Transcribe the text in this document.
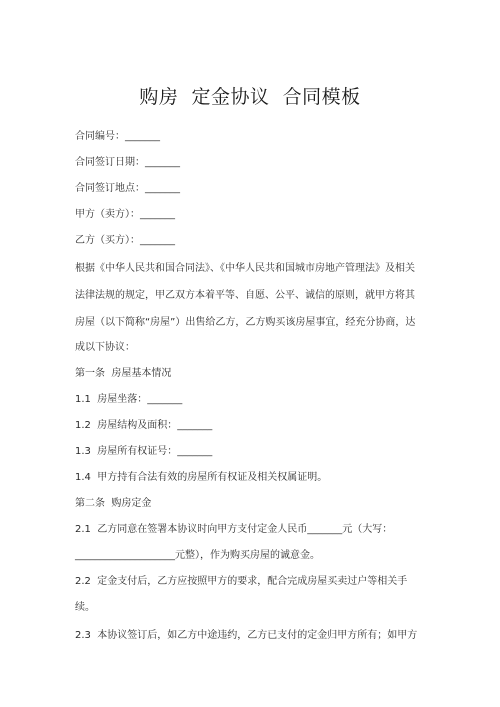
购房  定金协议  合同模板
合同编号：_______
合同签订日期：_______
合同签订地点：_______
甲方（卖方）：_______
乙方（买方）：_______
根据《中华人民共和国合同法》、《中华人民共和国城市房地产管理法》及相关
法律法规的规定，甲乙双方本着平等、自愿、公平、诚信的原则，就甲方将其
房屋（以下简称“房屋”）出售给乙方，乙方购买该房屋事宜，经充分协商，达
成以下协议：
第一条  房屋基本情况
1.1  房屋坐落：_______
1.2  房屋结构及面积：_______
1.3  房屋所有权证号：_______
1.4  甲方持有合法有效的房屋所有权证及相关权属证明。
第二条  购房定金
2.1  乙方同意在签署本协议时向甲方支付定金人民币_______元（大写：
____________________元整），作为购买房屋的诚意金。
2.2  定金支付后，乙方应按照甲方的要求，配合完成房屋买卖过户等相关手
续。
2.3  本协议签订后，如乙方中途违约，乙方已支付的定金归甲方所有；如甲方
